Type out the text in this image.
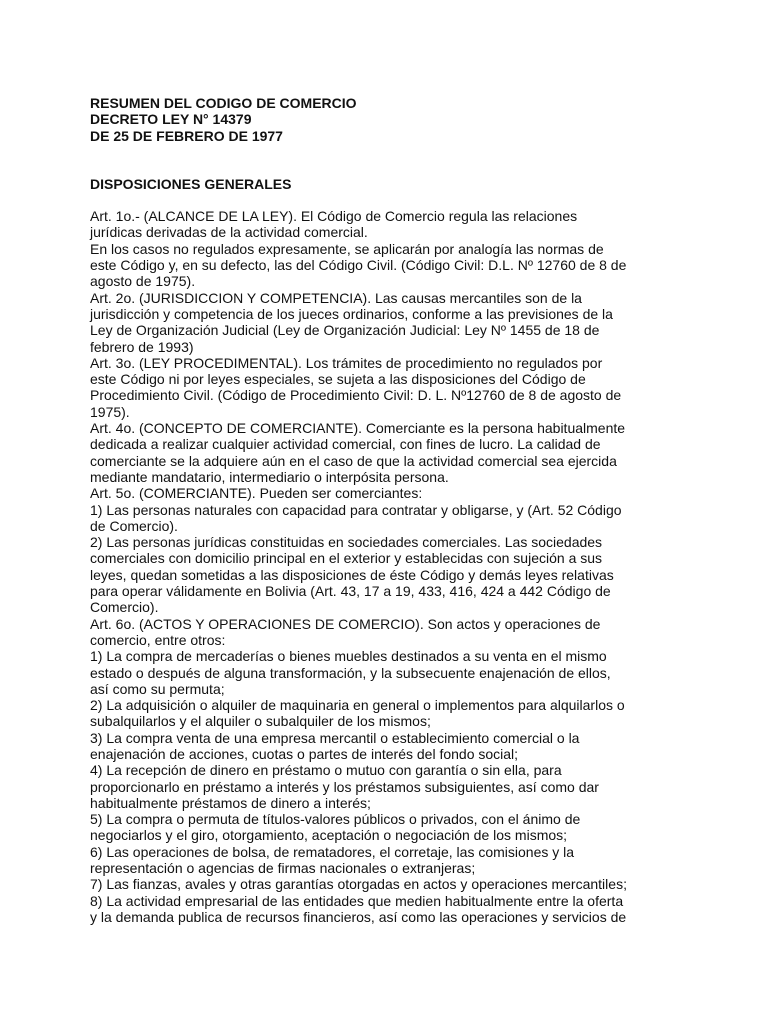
RESUMEN DEL CODIGO DE COMERCIO
DECRETO LEY N° 14379
DE 25 DE FEBRERO DE 1977
DISPOSICIONES GENERALES
Art. 1o.- (ALCANCE DE LA LEY). El Código de Comercio regula las relaciones jurídicas derivadas de la actividad comercial.
En los casos no regulados expresamente, se aplicarán por analogía las normas de este Código y, en su defecto, las del Código Civil. (Código Civil: D.L. Nº 12760 de 8 de agosto de 1975).
Art. 2o. (JURISDICCION Y COMPETENCIA). Las causas mercantiles son de la jurisdicción y competencia de los jueces ordinarios, conforme a las previsiones de la Ley de Organización Judicial (Ley de Organización Judicial: Ley Nº 1455 de 18 de febrero de 1993)
Art. 3o. (LEY PROCEDIMENTAL). Los trámites de procedimiento no regulados por este Código ni por leyes especiales, se sujeta a las disposiciones del Código de Procedimiento Civil. (Código de Procedimiento Civil: D. L. Nº12760 de 8 de agosto de 1975).
Art. 4o. (CONCEPTO DE COMERCIANTE). Comerciante es la persona habitualmente dedicada a realizar cualquier actividad comercial, con fines de lucro. La calidad de comerciante se la adquiere aún en el caso de que la actividad comercial sea ejercida mediante mandatario, intermediario o interpósita persona.
Art. 5o. (COMERCIANTE). Pueden ser comerciantes:
1) Las personas naturales con capacidad para contratar y obligarse, y (Art. 52 Código de Comercio).
2) Las personas jurídicas constituidas en sociedades comerciales. Las sociedades comerciales con domicilio principal en el exterior y establecidas con sujeción a sus leyes, quedan sometidas a las disposiciones de éste Código y demás leyes relativas para operar válidamente en Bolivia (Art. 43, 17 a 19, 433, 416, 424 a 442 Código de Comercio).
Art. 6o. (ACTOS Y OPERACIONES DE COMERCIO). Son actos y operaciones de comercio, entre otros:
1) La compra de mercaderías o bienes muebles destinados a su venta en el mismo estado o después de alguna transformación, y la subsecuente enajenación de ellos, así como su permuta;
2) La adquisición o alquiler de maquinaria en general o implementos para alquilarlos o subalquilarlos y el alquiler o subalquiler de los mismos;
3) La compra venta de una empresa mercantil o establecimiento comercial o la enajenación de acciones, cuotas o partes de interés del fondo social;
4) La recepción de dinero en préstamo o mutuo con garantía o sin ella, para proporcionarlo en préstamo a interés y los préstamos subsiguientes, así como dar habitualmente préstamos de dinero a interés;
5) La compra o permuta de títulos-valores públicos o privados, con el ánimo de negociarlos y el giro, otorgamiento, aceptación o negociación de los mismos;
6) Las operaciones de bolsa, de rematadores, el corretaje, las comisiones y la representación o agencias de firmas nacionales o extranjeras;
7) Las fianzas, avales y otras garantías otorgadas en actos y operaciones mercantiles;
8) La actividad empresarial de las entidades que medien habitualmente entre la oferta y la demanda publica de recursos financieros, así como las operaciones y servicios de
